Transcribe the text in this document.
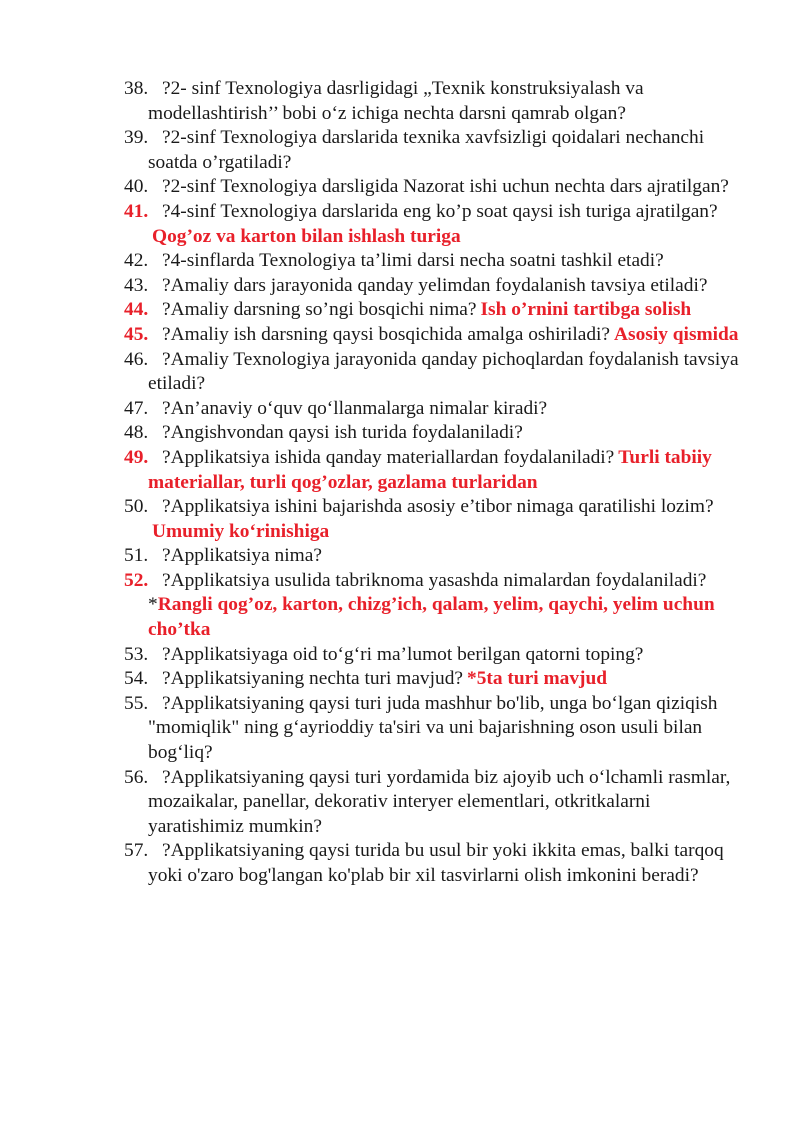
38. ?2- sinf Texnologiya dasrligidagi „Texnik konstruksiyalash va modellashtirish’’ bobi o‘z ichiga nechta darsni qamrab olgan?
39. ?2-sinf Texnologiya darslarida texnika xavfsizligi qoidalari nechanchi soatda o’rgatiladi?
40. ?2-sinf Texnologiya darsligida Nazorat ishi uchun nechta dars ajratilgan?
41. ?4-sinf Texnologiya darslarida eng ko’p soat qaysi ish turiga ajratilgan?Qog’oz va karton bilan ishlash turiga
42. ?4-sinflarda Texnologiya ta’limi darsi necha soatni tashkil etadi?
43. ?Amaliy dars jarayonida qanday yelimdan foydalanish tavsiya etiladi?
44. ?Amaliy darsning so’ngi bosqichi nima? Ish o’rnini tartibga solish
45. ?Amaliy ish darsning qaysi bosqichida amalga oshiriladi? Asosiy qismida
46. ?Amaliy Texnologiya jarayonida qanday pichoqlardan foydalanish tavsiya etiladi?
47. ?An’anaviy o‘quv qo‘llanmalarga nimalar kiradi?
48. ?Angishvondan qaysi ish turida foydalaniladi?
49. ?Applikatsiya ishida qanday materiallardan foydalaniladi? Turli tabiiy materiallar, turli qog’ozlar, gazlama turlaridan
50. ?Applikatsiya ishini bajarishda asosiy e’tibor nimaga qaratilishi lozim?Umumiy ko‘rinishiga
51. ?Applikatsiya nima?
52. ?Applikatsiya usulida tabriknoma yasashda nimalardan foydalaniladi? *Rangli qog’oz, karton, chizg’ich, qalam, yelim, qaychi, yelim uchun cho’tka
53. ?Applikatsiyaga oid to‘g‘ri ma’lumot berilgan qatorni toping?
54. ?Applikatsiyaning nechta turi mavjud? *5ta turi mavjud
55. ?Applikatsiyaning qaysi turi juda mashhur bo'lib, unga bo‘lgan qiziqish "momiqlik" ning g‘ayrioddiy ta'siri va uni bajarishning oson usuli bilan bog‘liq?
56. ?Applikatsiyaning qaysi turi yordamida biz ajoyib uch o‘lchamli rasmlar, mozaikalar, panellar, dekorativ interyer elementlari, otkritkalarni yaratishimiz mumkin?
57. ?Applikatsiyaning qaysi turida bu usul bir yoki ikkita emas, balki tarqoq yoki o'zaro bog'langan ko'plab bir xil tasvirlarni olish imkonini beradi?
